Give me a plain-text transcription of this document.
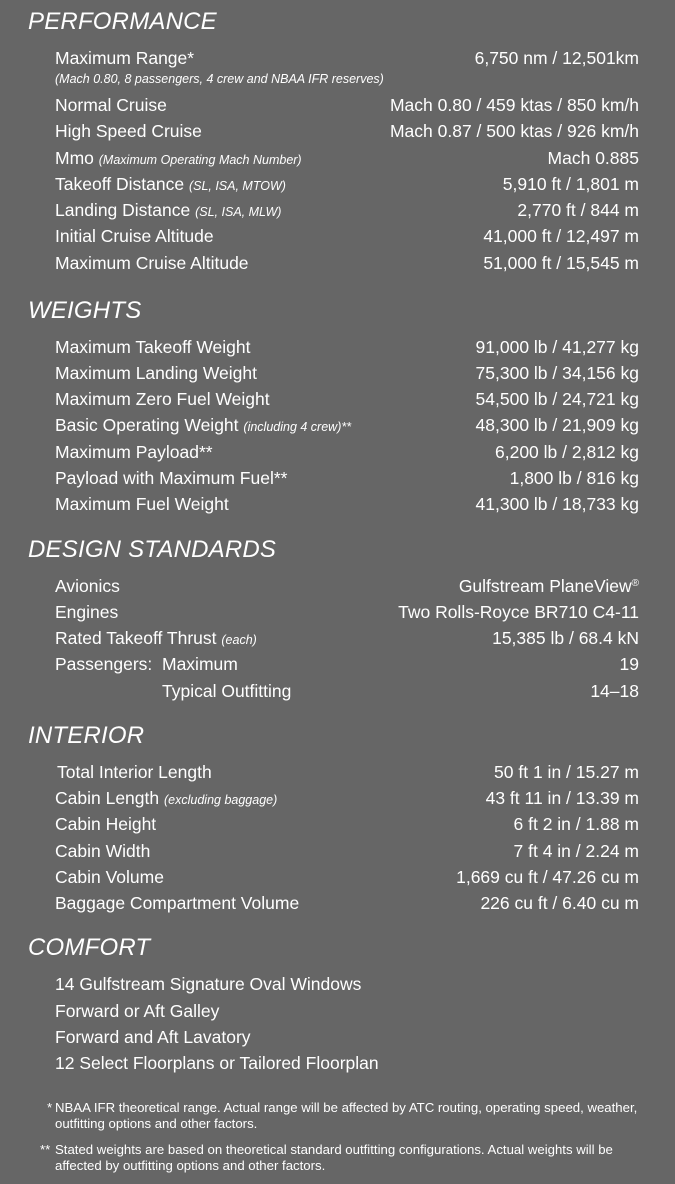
PERFORMANCE
Maximum Range*	6,750 nm / 12,501km
(Mach 0.80, 8 passengers, 4 crew and NBAA IFR reserves)
Normal Cruise	Mach 0.80 / 459 ktas / 850 km/h
High Speed Cruise	Mach 0.87 / 500 ktas / 926 km/h
Mmo (Maximum Operating Mach Number)	Mach 0.885
Takeoff Distance (SL, ISA, MTOW)	5,910 ft / 1,801 m
Landing Distance (SL, ISA, MLW)	2,770 ft / 844 m
Initial Cruise Altitude	41,000 ft / 12,497 m
Maximum Cruise Altitude	51,000 ft / 15,545 m
WEIGHTS
Maximum Takeoff Weight	91,000 lb / 41,277 kg
Maximum Landing Weight	75,300 lb / 34,156 kg
Maximum Zero Fuel Weight	54,500 lb / 24,721 kg
Basic Operating Weight (including 4 crew)**	48,300 lb / 21,909 kg
Maximum Payload**	6,200 lb / 2,812 kg
Payload with Maximum Fuel**	1,800 lb / 816 kg
Maximum Fuel Weight	41,300 lb / 18,733 kg
DESIGN STANDARDS
Avionics	Gulfstream PlaneView®
Engines	Two Rolls-Royce BR710 C4-11
Rated Takeoff Thrust (each)	15,385 lb / 68.4 kN
Passengers:  Maximum	19
Typical Outfitting	14–18
INTERIOR
Total Interior Length	50 ft 1 in / 15.27 m
Cabin Length (excluding baggage)	43 ft 11 in / 13.39 m
Cabin Height	6 ft 2 in / 1.88 m
Cabin Width	7 ft 4 in / 2.24 m
Cabin Volume	1,669 cu ft / 47.26 cu m
Baggage Compartment Volume	226 cu ft / 6.40 cu m
COMFORT
14 Gulfstream Signature Oval Windows
Forward or Aft Galley
Forward and Aft Lavatory
12 Select Floorplans or Tailored Floorplan
* NBAA IFR theoretical range. Actual range will be affected by ATC routing, operating speed, weather, outfitting options and other factors.
** Stated weights are based on theoretical standard outfitting configurations. Actual weights will be affected by outfitting options and other factors.
